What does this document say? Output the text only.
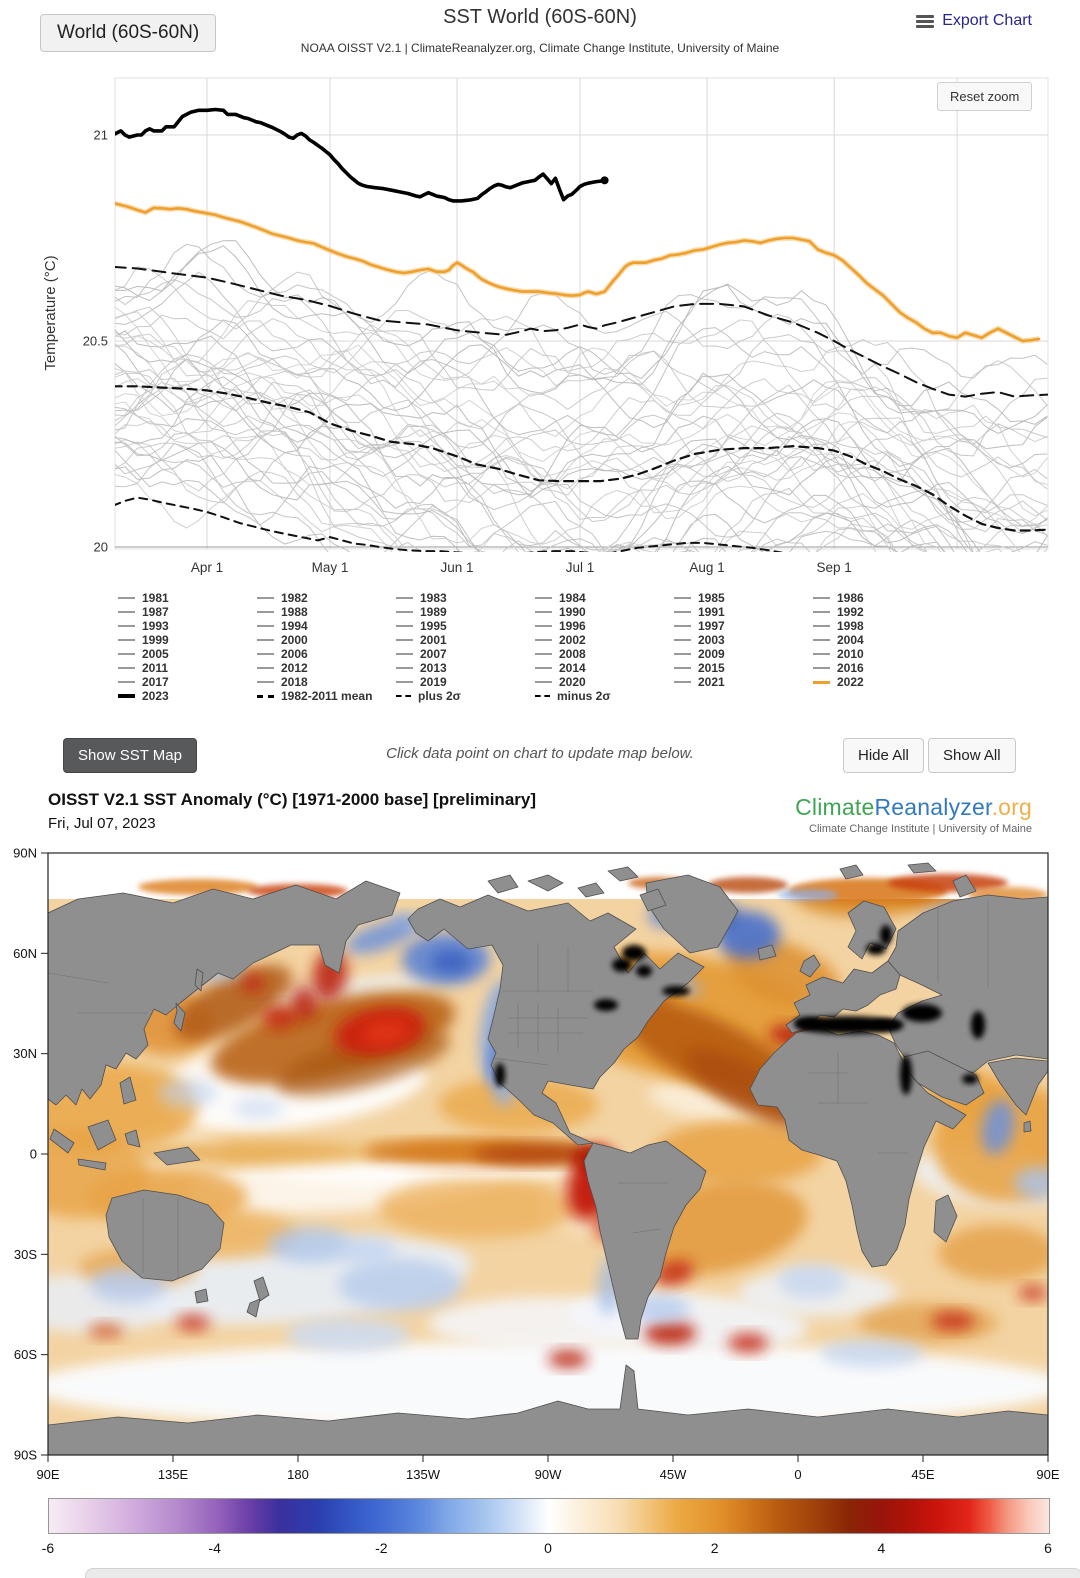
World (60S-60N)
SST World (60S-60N)
NOAA OISST V2.1 | ClimateReanalyzer.org, Climate Change Institute, University of Maine
Export Chart
21
20.5
20
Apr 1	May 1	Jun 1	Jul 1	Aug 1	Sep 1
Temperature (°C)
Reset zoom
1981	1982	1983	1984	1985	1986
1987	1988	1989	1990	1991	1992
1993	1994	1995	1996	1997	1998
1999	2000	2001	2002	2003	2004
2005	2006	2007	2008	2009	2010
2011	2012	2013	2014	2015	2016
2017	2018	2019	2020	2021	2022
2023	1982-2011 mean	plus 2σ	minus 2σ
Show SST Map	Click data point on chart to update map below.	Hide All	Show All
OISST V2.1 SST Anomaly (°C) [1971-2000 base] [preliminary]
Fri, Jul 07, 2023
ClimateReanalyzer.org
Climate Change Institute | University of Maine
90N
60N
30N
0
30S
60S
90S
90E	135E	180	135W	90W	45W	0	45E	90E
-6	-4	-2	0	2	4	6
